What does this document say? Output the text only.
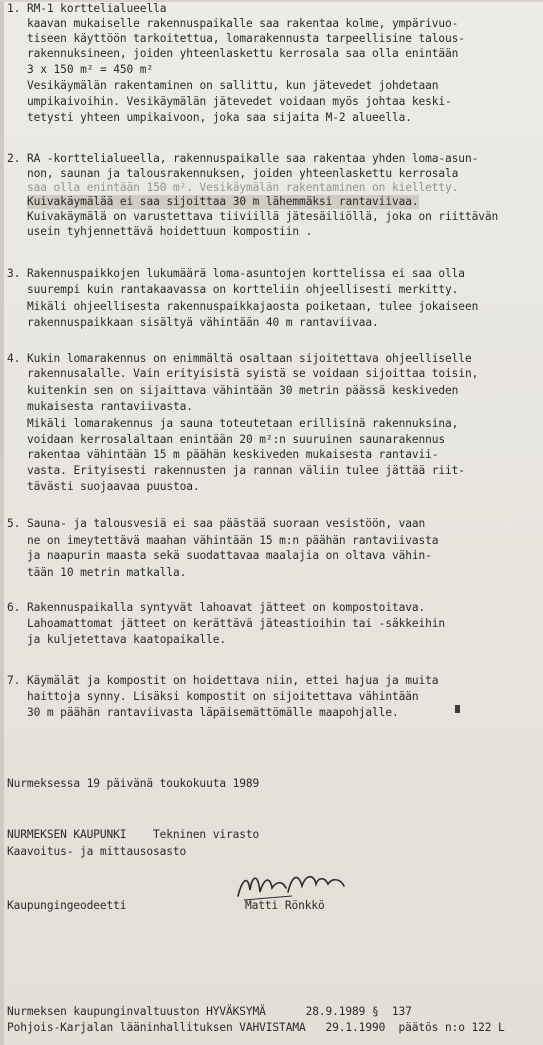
1. RM-1 korttelialueella
kaavan mukaiselle rakennuspaikalle saa rakentaa kolme, ympärivuo-
tiseen käyttöön tarkoitettua, lomarakennusta tarpeellisine talous-
rakennuksineen, joiden yhteenlaskettu kerrosala saa olla enintään
3 x 150 m² = 450 m²
Vesikäymälän rakentaminen on sallittu, kun jätevedet johdetaan
umpikaivoihin. Vesikäymälän jätevedet voidaan myös johtaa keski-
tetysti yhteen umpikaivoon, joka saa sijaita M-2 alueella.
2. RA -korttelialueella, rakennuspaikalle saa rakentaa yhden loma-asun-
non, saunan ja talousrakennuksen, joiden yhteenlaskettu kerrosala
saa olla enintään 150 m². Vesikäymälän rakentaminen on kielletty.
Kuivakäymälää ei saa sijoittaa 30 m lähemmäksi rantaviivaa.
Kuivakäymälä on varustettava tiiviillä jätesäiliöllä, joka on riittävän
usein tyhjennettävä hoidettuun kompostiin .
3. Rakennuspaikkojen lukumäärä loma-asuntojen korttelissa ei saa olla
suurempi kuin rantakaavassa on kortteliin ohjeellisesti merkitty.
Mikäli ohjeellisesta rakennuspaikkajaosta poiketaan, tulee jokaiseen
rakennuspaikkaan sisältyä vähintään 40 m rantaviivaa.
4. Kukin lomarakennus on enimmältä osaltaan sijoitettava ohjeelliselle
rakennusalalle. Vain erityisistä syistä se voidaan sijoittaa toisin,
kuitenkin sen on sijaittava vähintään 30 metrin päässä keskiveden
mukaisesta rantaviivasta.
Mikäli lomarakennus ja sauna toteutetaan erillisinä rakennuksina,
voidaan kerrosalaltaan enintään 20 m²:n suuruinen saunarakennus
rakentaa vähintään 15 m päähän keskiveden mukaisesta rantavii-
vasta. Erityisesti rakennusten ja rannan väliin tulee jättää riit-
tävästi suojaavaa puustoa.
5. Sauna- ja talousvesiä ei saa päästää suoraan vesistöön, vaan
ne on imeytettävä maahan vähintään 15 m:n päähän rantaviivasta
ja naapurin maasta sekä suodattavaa maalajia on oltava vähin-
tään 10 metrin matkalla.
6. Rakennuspaikalla syntyvät lahoavat jätteet on kompostoitava.
Lahoamattomat jätteet on kerättävä jäteastioihin tai -säkkeihin
ja kuljetettava kaatopaikalle.
7. Käymälät ja kompostit on hoidettava niin, ettei hajua ja muita
haittoja synny. Lisäksi kompostit on sijoitettava vähintään
30 m päähän rantaviivasta läpäisemättömälle maapohjalle.
Nurmeksessa 19 päivänä toukokuuta 1989
NURMEKSEN KAUPUNKI    Tekninen virasto
Kaavoitus- ja mittausosasto
Kaupungingeodeetti	Matti Rönkkö
Nurmeksen kaupunginvaltuuston HYVÄKSYMÄ      28.9.1989 §  137
Pohjois-Karjalan lääninhallituksen VAHVISTAMA   29.1.1990  päätös n:o 122 L
